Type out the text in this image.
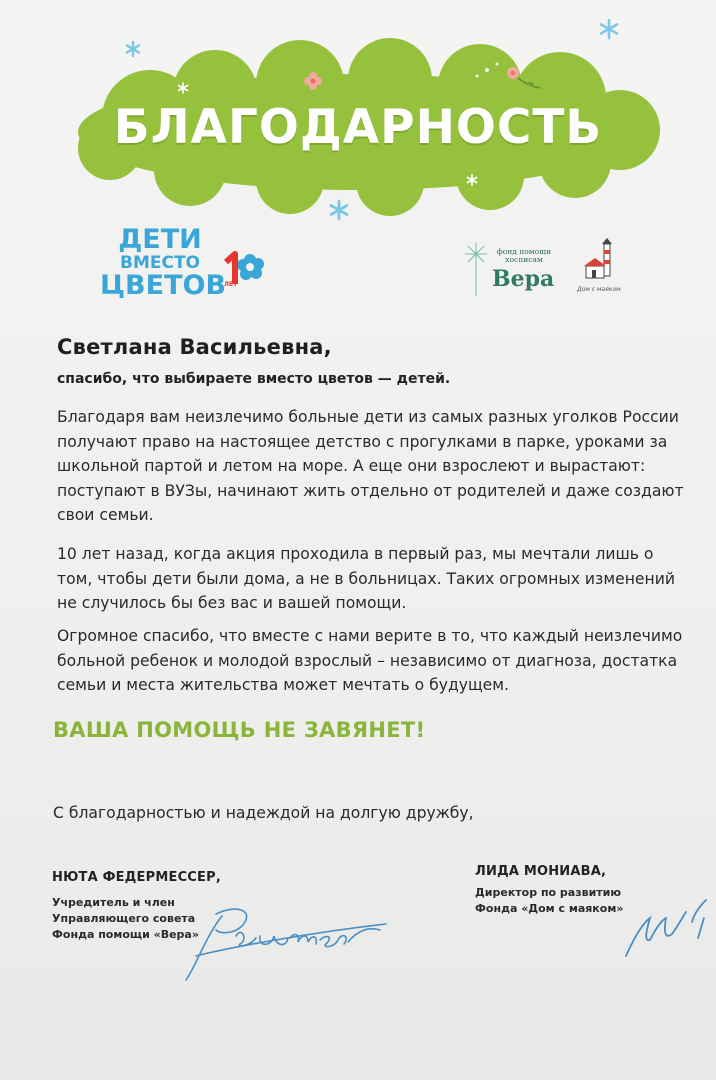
БЛАГОДАРНОСТЬ
ДЕТИ
ВМЕСТО
ЦВЕТОВ
ЛЕТ
фонд помощи
хосписам
Вера	Дом с маяком
Светлана Васильевна,
спасибо, что выбираете вместо цветов — детей.

Благодаря вам неизлечимо больные дети из самых разных уголков России получают право на настоящее детство с прогулками в парке, уроками за школьной партой и летом на море. А еще они взрослеют и вырастают: поступают в ВУЗы, начинают жить отдельно от родителей и даже создают свои семьи.

10 лет назад, когда акция проходила в первый раз, мы мечтали лишь о том, чтобы дети были дома, а не в больницах. Таких огромных изменений не случилось бы без вас и вашей помощи.

Огромное спасибо, что вместе с нами верите в то, что каждый неизлечимо больной ребенок и молодой взрослый – независимо от диагноза, достатка семьи и места жительства может мечтать о будущем.

ВАША ПОМОЩЬ НЕ ЗАВЯНЕТ!
С благодарностью и надеждой на долгую дружбу,
НЮТА ФЕДЕРМЕССЕР,
Учредитель и член
Управляющего совета
Фонда помощи «Вера»
ЛИДА МОНИАВА,
Директор по развитию
Фонда «Дом с маяком»
